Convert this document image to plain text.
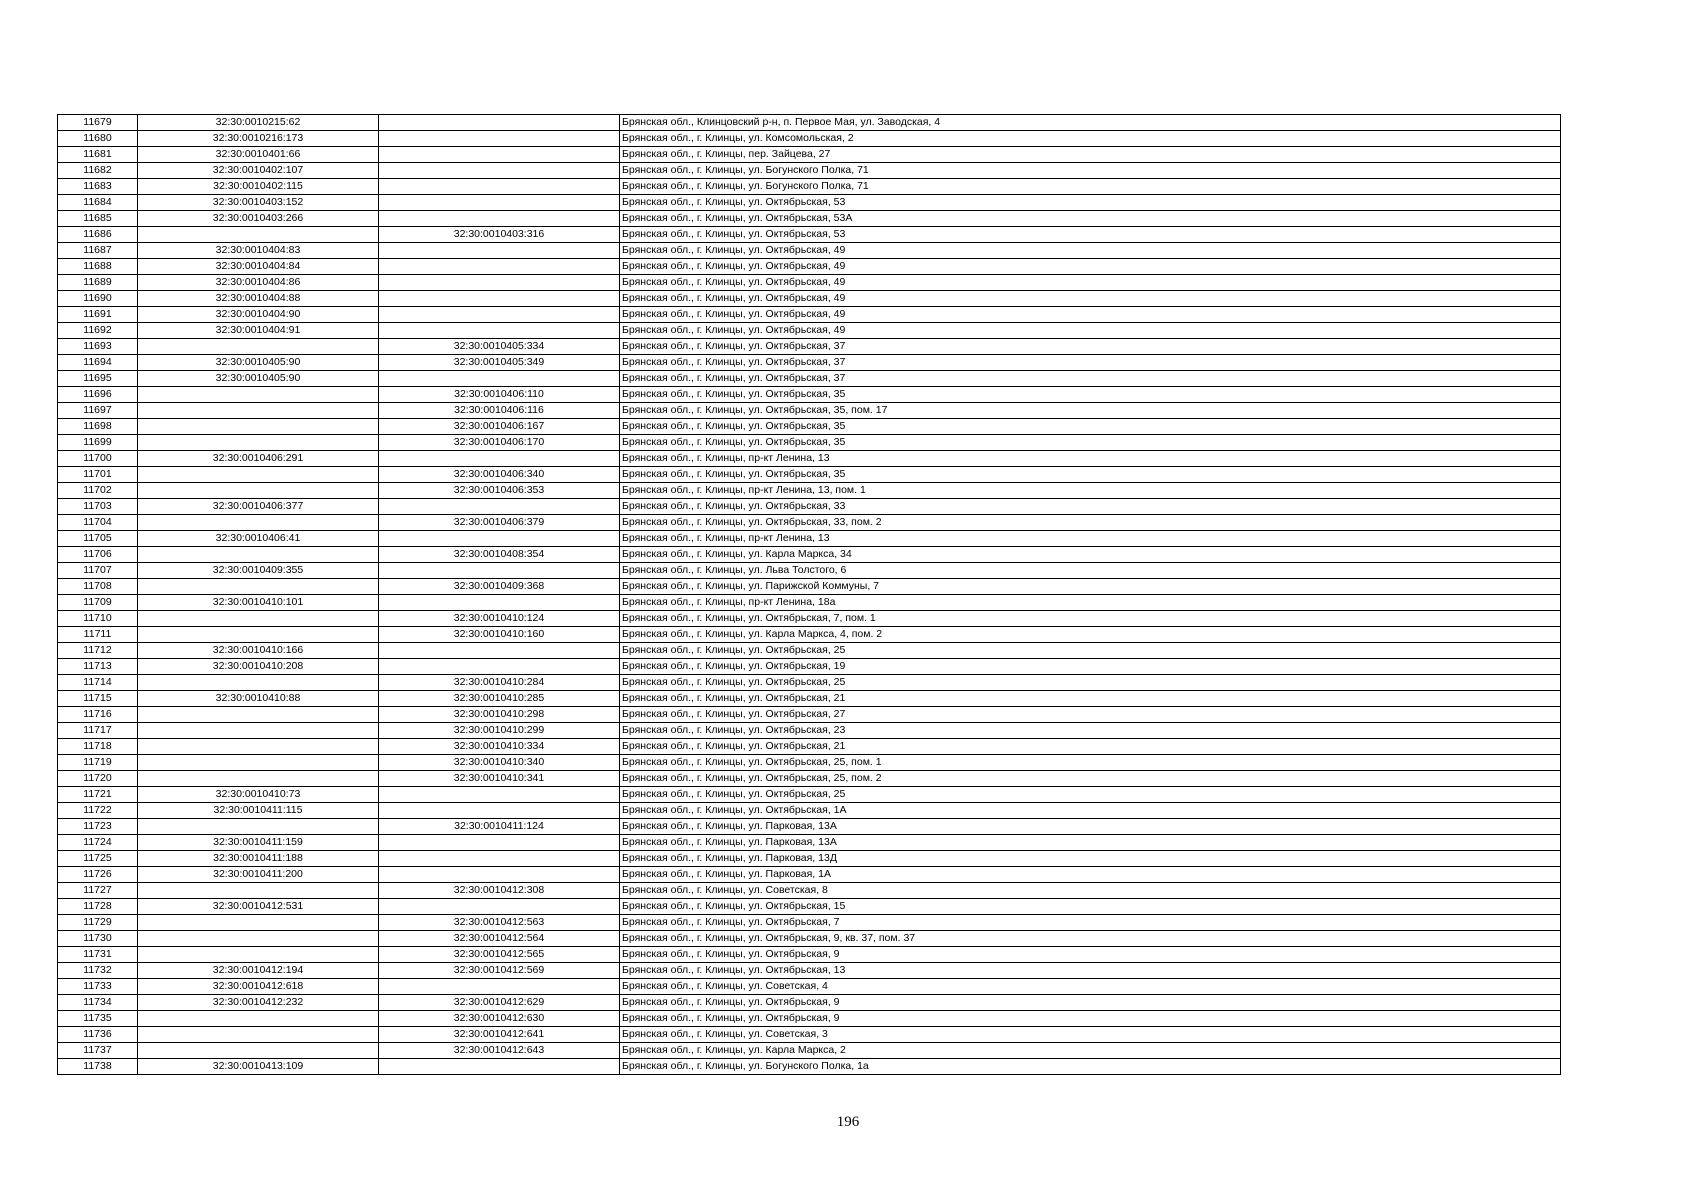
11679	32:30:0010215:62		Брянская обл., Клинцовский р-н, п. Первое Мая, ул. Заводская, 4
11680	32:30:0010216:173		Брянская обл., г. Клинцы, ул. Комсомольская, 2
11681	32:30:0010401:66		Брянская обл., г. Клинцы, пер. Зайцева, 27
11682	32:30:0010402:107		Брянская обл., г. Клинцы, ул. Богунского Полка, 71
11683	32:30:0010402:115		Брянская обл., г. Клинцы, ул. Богунского Полка, 71
11684	32:30:0010403:152		Брянская обл., г. Клинцы, ул. Октябрьская, 53
11685	32:30:0010403:266		Брянская обл., г. Клинцы, ул. Октябрьская, 53А
11686		32:30:0010403:316	Брянская обл., г. Клинцы, ул. Октябрьская, 53
11687	32:30:0010404:83		Брянская обл., г. Клинцы, ул. Октябрьская, 49
11688	32:30:0010404:84		Брянская обл., г. Клинцы, ул. Октябрьская, 49
11689	32:30:0010404:86		Брянская обл., г. Клинцы, ул. Октябрьская, 49
11690	32:30:0010404:88		Брянская обл., г. Клинцы, ул. Октябрьская, 49
11691	32:30:0010404:90		Брянская обл., г. Клинцы, ул. Октябрьская, 49
11692	32:30:0010404:91		Брянская обл., г. Клинцы, ул. Октябрьская, 49
11693		32:30:0010405:334	Брянская обл., г. Клинцы, ул. Октябрьская, 37
11694	32:30:0010405:90	32:30:0010405:349	Брянская обл., г. Клинцы, ул. Октябрьская, 37
11695	32:30:0010405:90		Брянская обл., г. Клинцы, ул. Октябрьская, 37
11696		32:30:0010406:110	Брянская обл., г. Клинцы, ул. Октябрьская, 35
11697		32:30:0010406:116	Брянская обл., г. Клинцы, ул. Октябрьская, 35, пом. 17
11698		32:30:0010406:167	Брянская обл., г. Клинцы, ул. Октябрьская, 35
11699		32:30:0010406:170	Брянская обл., г. Клинцы, ул. Октябрьская, 35
11700	32:30:0010406:291		Брянская обл., г. Клинцы, пр-кт Ленина, 13
11701		32:30:0010406:340	Брянская обл., г. Клинцы, ул. Октябрьская, 35
11702		32:30:0010406:353	Брянская обл., г. Клинцы, пр-кт Ленина, 13, пом. 1
11703	32:30:0010406:377		Брянская обл., г. Клинцы, ул. Октябрьская, 33
11704		32:30:0010406:379	Брянская обл., г. Клинцы, ул. Октябрьская, 33, пом. 2
11705	32:30:0010406:41		Брянская обл., г. Клинцы, пр-кт Ленина, 13
11706		32:30:0010408:354	Брянская обл., г. Клинцы, ул. Карла Маркса, 34
11707	32:30:0010409:355		Брянская обл., г. Клинцы, ул. Льва Толстого, 6
11708		32:30:0010409:368	Брянская обл., г. Клинцы, ул. Парижской Коммуны, 7
11709	32:30:0010410:101		Брянская обл., г. Клинцы, пр-кт Ленина, 18а
11710		32:30:0010410:124	Брянская обл., г. Клинцы, ул. Октябрьская, 7, пом. 1
11711		32:30:0010410:160	Брянская обл., г. Клинцы, ул. Карла Маркса, 4, пом. 2
11712	32:30:0010410:166		Брянская обл., г. Клинцы, ул. Октябрьская, 25
11713	32:30:0010410:208		Брянская обл., г. Клинцы, ул. Октябрьская, 19
11714		32:30:0010410:284	Брянская обл., г. Клинцы, ул. Октябрьская, 25
11715	32:30:0010410:88	32:30:0010410:285	Брянская обл., г. Клинцы, ул. Октябрьская, 21
11716		32:30:0010410:298	Брянская обл., г. Клинцы, ул. Октябрьская, 27
11717		32:30:0010410:299	Брянская обл., г. Клинцы, ул. Октябрьская, 23
11718		32:30:0010410:334	Брянская обл., г. Клинцы, ул. Октябрьская, 21
11719		32:30:0010410:340	Брянская обл., г. Клинцы, ул. Октябрьская, 25, пом. 1
11720		32:30:0010410:341	Брянская обл., г. Клинцы, ул. Октябрьская, 25, пом. 2
11721	32:30:0010410:73		Брянская обл., г. Клинцы, ул. Октябрьская, 25
11722	32:30:0010411:115		Брянская обл., г. Клинцы, ул. Октябрьская, 1А
11723		32:30:0010411:124	Брянская обл., г. Клинцы, ул. Парковая, 13А
11724	32:30:0010411:159		Брянская обл., г. Клинцы, ул. Парковая, 13А
11725	32:30:0010411:188		Брянская обл., г. Клинцы, ул. Парковая, 13Д
11726	32:30:0010411:200		Брянская обл., г. Клинцы, ул. Парковая, 1А
11727		32:30:0010412:308	Брянская обл., г. Клинцы, ул. Советская, 8
11728	32:30:0010412:531		Брянская обл., г. Клинцы, ул. Октябрьская, 15
11729		32:30:0010412:563	Брянская обл., г. Клинцы, ул. Октябрьская, 7
11730		32:30:0010412:564	Брянская обл., г. Клинцы, ул. Октябрьская, 9, кв. 37, пом. 37
11731		32:30:0010412:565	Брянская обл., г. Клинцы, ул. Октябрьская, 9
11732	32:30:0010412:194	32:30:0010412:569	Брянская обл., г. Клинцы, ул. Октябрьская, 13
11733	32:30:0010412:618		Брянская обл., г. Клинцы, ул. Советская, 4
11734	32:30:0010412:232	32:30:0010412:629	Брянская обл., г. Клинцы, ул. Октябрьская, 9
11735		32:30:0010412:630	Брянская обл., г. Клинцы, ул. Октябрьская, 9
11736		32:30:0010412:641	Брянская обл., г. Клинцы, ул. Советская, 3
11737		32:30:0010412:643	Брянская обл., г. Клинцы, ул. Карла Маркса, 2
11738	32:30:0010413:109		Брянская обл., г. Клинцы, ул. Богунского Полка, 1а
196
